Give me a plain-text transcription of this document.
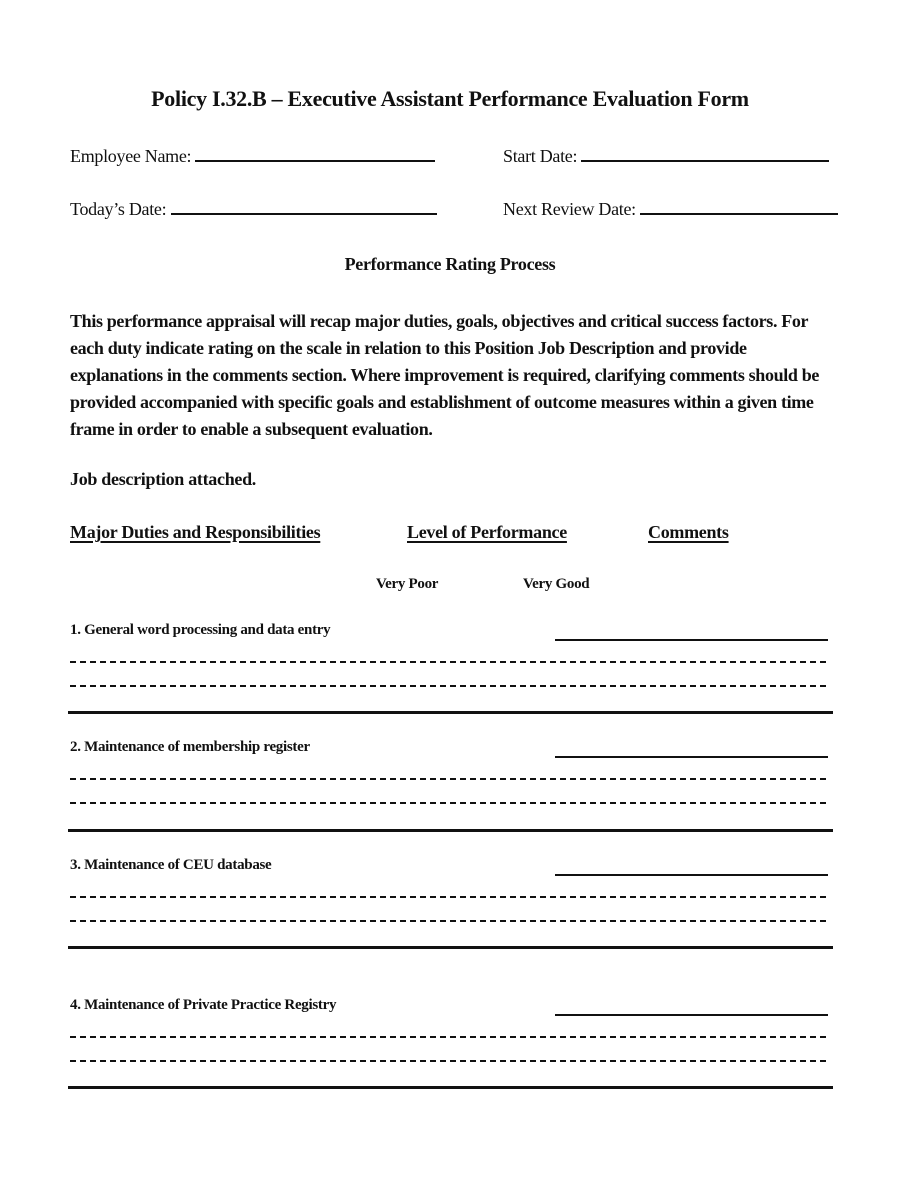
Policy I.32.B – Executive Assistant Performance Evaluation Form
Employee Name:	Start Date:
Today’s Date:	Next Review Date:
Performance Rating Process
This performance appraisal will recap major duties, goals, objectives and critical success factors. For each duty indicate rating on the scale in relation to this Position Job Description and provide explanations in the comments section. Where improvement is required, clarifying comments should be provided accompanied with specific goals and establishment of outcome measures within a given time frame in order to enable a subsequent evaluation.
Job description attached.
Major Duties and Responsibilities	Level of Performance	Comments
Very Poor	Very Good
1. General word processing and data entry
2. Maintenance of membership register
3. Maintenance of CEU database
4. Maintenance of Private Practice Registry
